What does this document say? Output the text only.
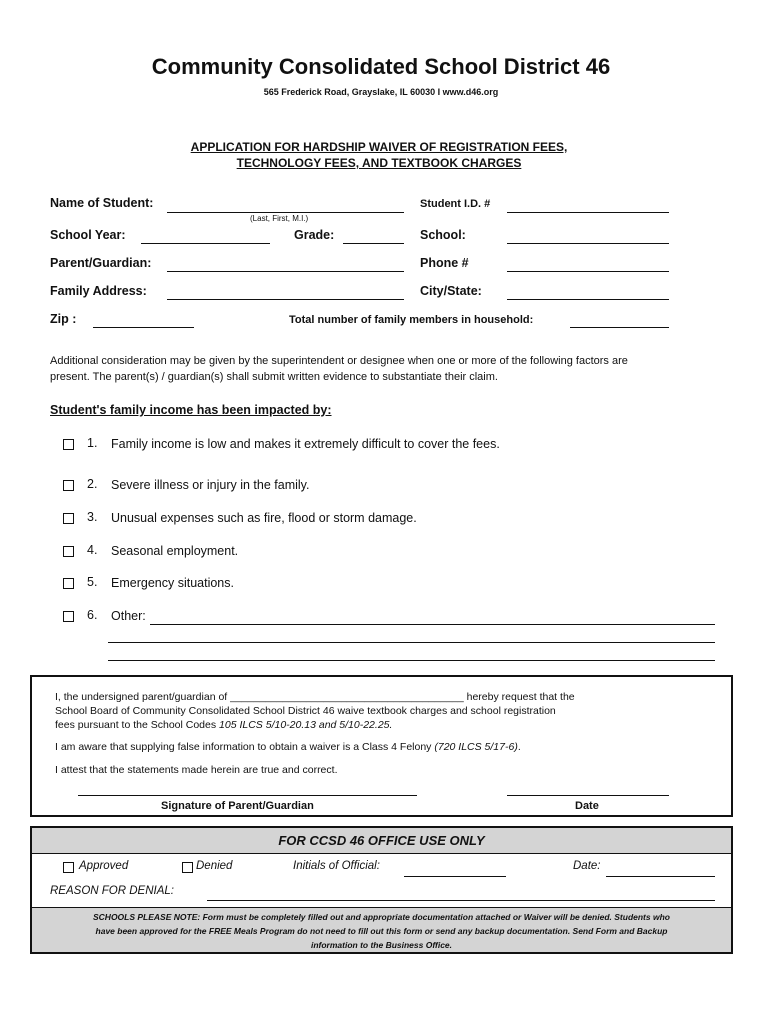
Community Consolidated School District 46
565 Frederick Road, Grayslake, IL 60030 I www.d46.org
APPLICATION FOR HARDSHIP WAIVER OF REGISTRATION FEES,
TECHNOLOGY FEES, AND TEXTBOOK CHARGES
Name of Student:
(Last, First, M.I.)
Student I.D. #
School Year:	Grade:	School:
Parent/Guardian:	Phone #
Family Address:	City/State:
Zip :	Total number of family members in household:
Additional consideration may be given by the superintendent or designee when one or more of the following factors are
present. The parent(s) / guardian(s) shall submit written evidence to substantiate their claim.
Student's family income has been impacted by:
1. Family income is low and makes it extremely difficult to cover the fees.
2. Severe illness or injury in the family.
3. Unusual expenses such as fire, flood or storm damage.
4. Seasonal employment.
5. Emergency situations.
6. Other:
I, the undersigned parent/guardian of ________________________________________ hereby request that the
School Board of Community Consolidated School District 46 waive textbook charges and school registration
fees pursuant to the School Codes 105 ILCS 5/10-20.13 and 5/10-22.25.
I am aware that supplying false information to obtain a waiver is a Class 4 Felony (720 ILCS 5/17-6).
I attest that the statements made herein are true and correct.
Signature of Parent/Guardian	Date
FOR CCSD 46 OFFICE USE ONLY
Approved	Denied	Initials of Official:	Date:
REASON FOR DENIAL:
SCHOOLS PLEASE NOTE: Form must be completely filled out and appropriate documentation attached or Waiver will be denied. Students who
have been approved for the FREE Meals Program do not need to fill out this form or send any backup documentation. Send Form and Backup
information to the Business Office.
